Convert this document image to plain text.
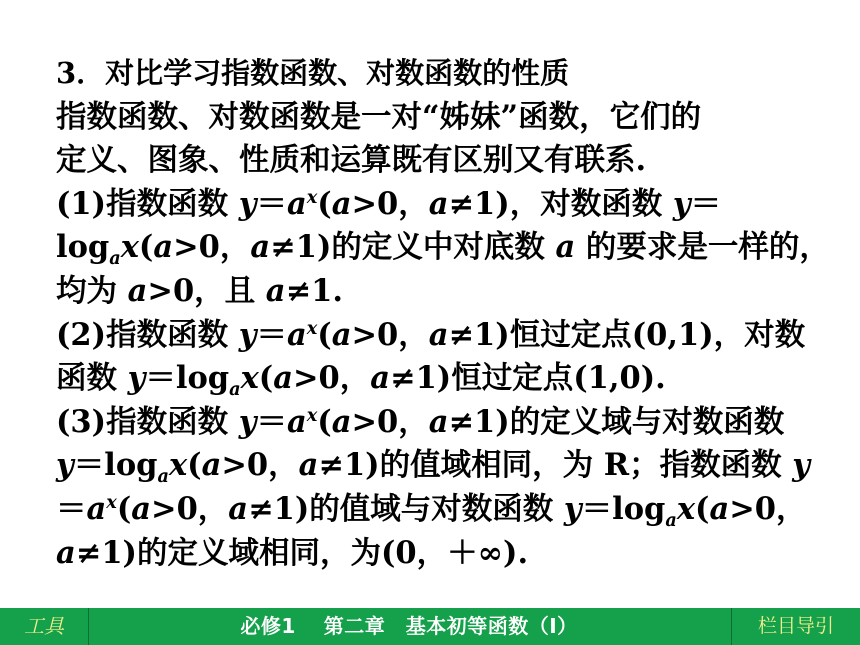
3．对比学习指数函数、对数函数的性质
指数函数、对数函数是一对“姊妹”函数，它们的
定义、图象、性质和运算既有区别又有联系.
(1)指数函数 $y=a^x(a>0$，a≠1)，对数函数 y＝
$\log_ax(a>0$，a≠1)的定义中对底数 a 的要求是一样的，
均为 a>0，且 a≠1.
(2)指数函数 $y=a^x(a>0$，a≠1)恒过定点(0,1)，对数
函数 $y=\log_ax(a>0$，a≠1)恒过定点(1,0).
(3)指数函数 $y=a^x(a>0$，a≠1)的定义域与对数函数
$y=\log_ax(a>0$，a≠1)的值域相同，为 R；指数函数 y
$=a^x(a>0$，a≠1)的值域与对数函数 $y=\log_ax(a>0$，
a≠1)的定义域相同，为(0，＋∞).
工具	必修1　 第二章　基本初等函数（Ⅰ）	栏目导引
